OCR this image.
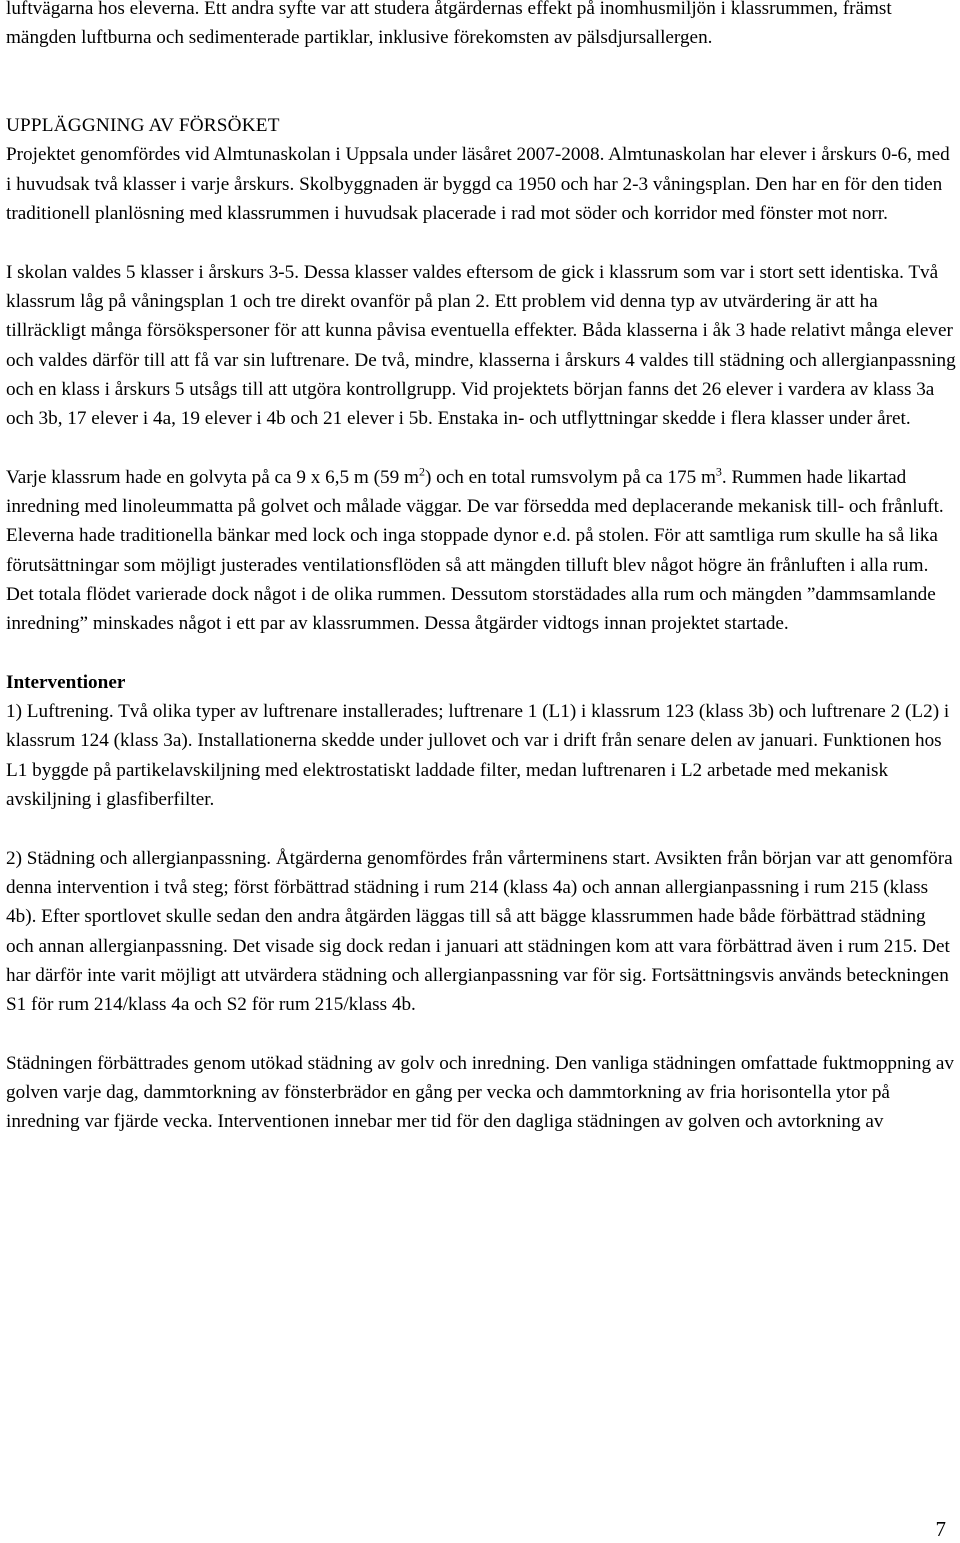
luftvägarna hos eleverna. Ett andra syfte var att studera åtgärdernas effekt på inomhusmiljön i klassrummen, främst mängden luftburna och sedimenterade partiklar, inklusive förekomsten av pälsdjursallergen.

UPPLÄGGNING AV FÖRSÖKET

Projektet genomfördes vid Almtunaskolan i Uppsala under läsåret 2007-2008. Almtunaskolan har elever i årskurs 0-6, med i huvudsak två klasser i varje årskurs. Skolbyggnaden är byggd ca 1950 och har 2-3 våningsplan. Den har en för den tiden traditionell planlösning med klassrummen i huvudsak placerade i rad mot söder och korridor med fönster mot norr.

I skolan valdes 5 klasser i årskurs 3-5. Dessa klasser valdes eftersom de gick i klassrum som var i stort sett identiska. Två klassrum låg på våningsplan 1 och tre direkt ovanför på plan 2. Ett problem vid denna typ av utvärdering är att ha tillräckligt många försökspersoner för att kunna påvisa eventuella effekter. Båda klasserna i åk 3 hade relativt många elever och valdes därför till att få var sin luftrenare. De två, mindre, klasserna i årskurs 4 valdes till städning och allergianpassning och en klass i årskurs 5 utsågs till att utgöra kontrollgrupp. Vid projektets början fanns det 26 elever i vardera av klass 3a och 3b, 17 elever i 4a, 19 elever i 4b och 21 elever i 5b. Enstaka in- och utflyttningar skedde i flera klasser under året.

Varje klassrum hade en golvyta på ca 9 x 6,5 m (59 $m^2$) och en total rumsvolym på ca 175 $m^3$. Rummen hade likartad inredning med linoleummatta på golvet och målade väggar. De var försedda med deplacerande mekanisk till- och frånluft. Eleverna hade traditionella bänkar med lock och inga stoppade dynor e.d. på stolen. För att samtliga rum skulle ha så lika förutsättningar som möjligt justerades ventilationsflöden så att mängden tilluft blev något högre än frånluften i alla rum. Det totala flödet varierade dock något i de olika rummen. Dessutom storstädades alla rum och mängden ”dammsamlande inredning” minskades något i ett par av klassrummen. Dessa åtgärder vidtogs innan projektet startade.

Interventioner

1) Luftrening. Två olika typer av luftrenare installerades; luftrenare 1 (L1) i klassrum 123 (klass 3b) och luftrenare 2 (L2) i klassrum 124 (klass 3a). Installationerna skedde under jullovet och var i drift från senare delen av januari. Funktionen hos L1 byggde på partikelavskiljning med elektrostatiskt laddade filter, medan luftrenaren i L2 arbetade med mekanisk avskiljning i glasfiberfilter.

2) Städning och allergianpassning. Åtgärderna genomfördes från vårterminens start. Avsikten från början var att genomföra denna intervention i två steg; först förbättrad städning i rum 214 (klass 4a) och annan allergianpassning i rum 215 (klass 4b). Efter sportlovet skulle sedan den andra åtgärden läggas till så att bägge klassrummen hade både förbättrad städning och annan allergianpassning. Det visade sig dock redan i januari att städningen kom att vara förbättrad även i rum 215. Det har därför inte varit möjligt att utvärdera städning och allergianpassning var för sig. Fortsättningsvis används beteckningen S1 för rum 214/klass 4a och S2 för rum 215/klass 4b.

Städningen förbättrades genom utökad städning av golv och inredning. Den vanliga städningen omfattade fuktmoppning av golven varje dag, dammtorkning av fönsterbrädor en gång per vecka och dammtorkning av fria horisontella ytor på inredning var fjärde vecka. Interventionen innebar mer tid för den dagliga städningen av golven och avtorkning av

7
